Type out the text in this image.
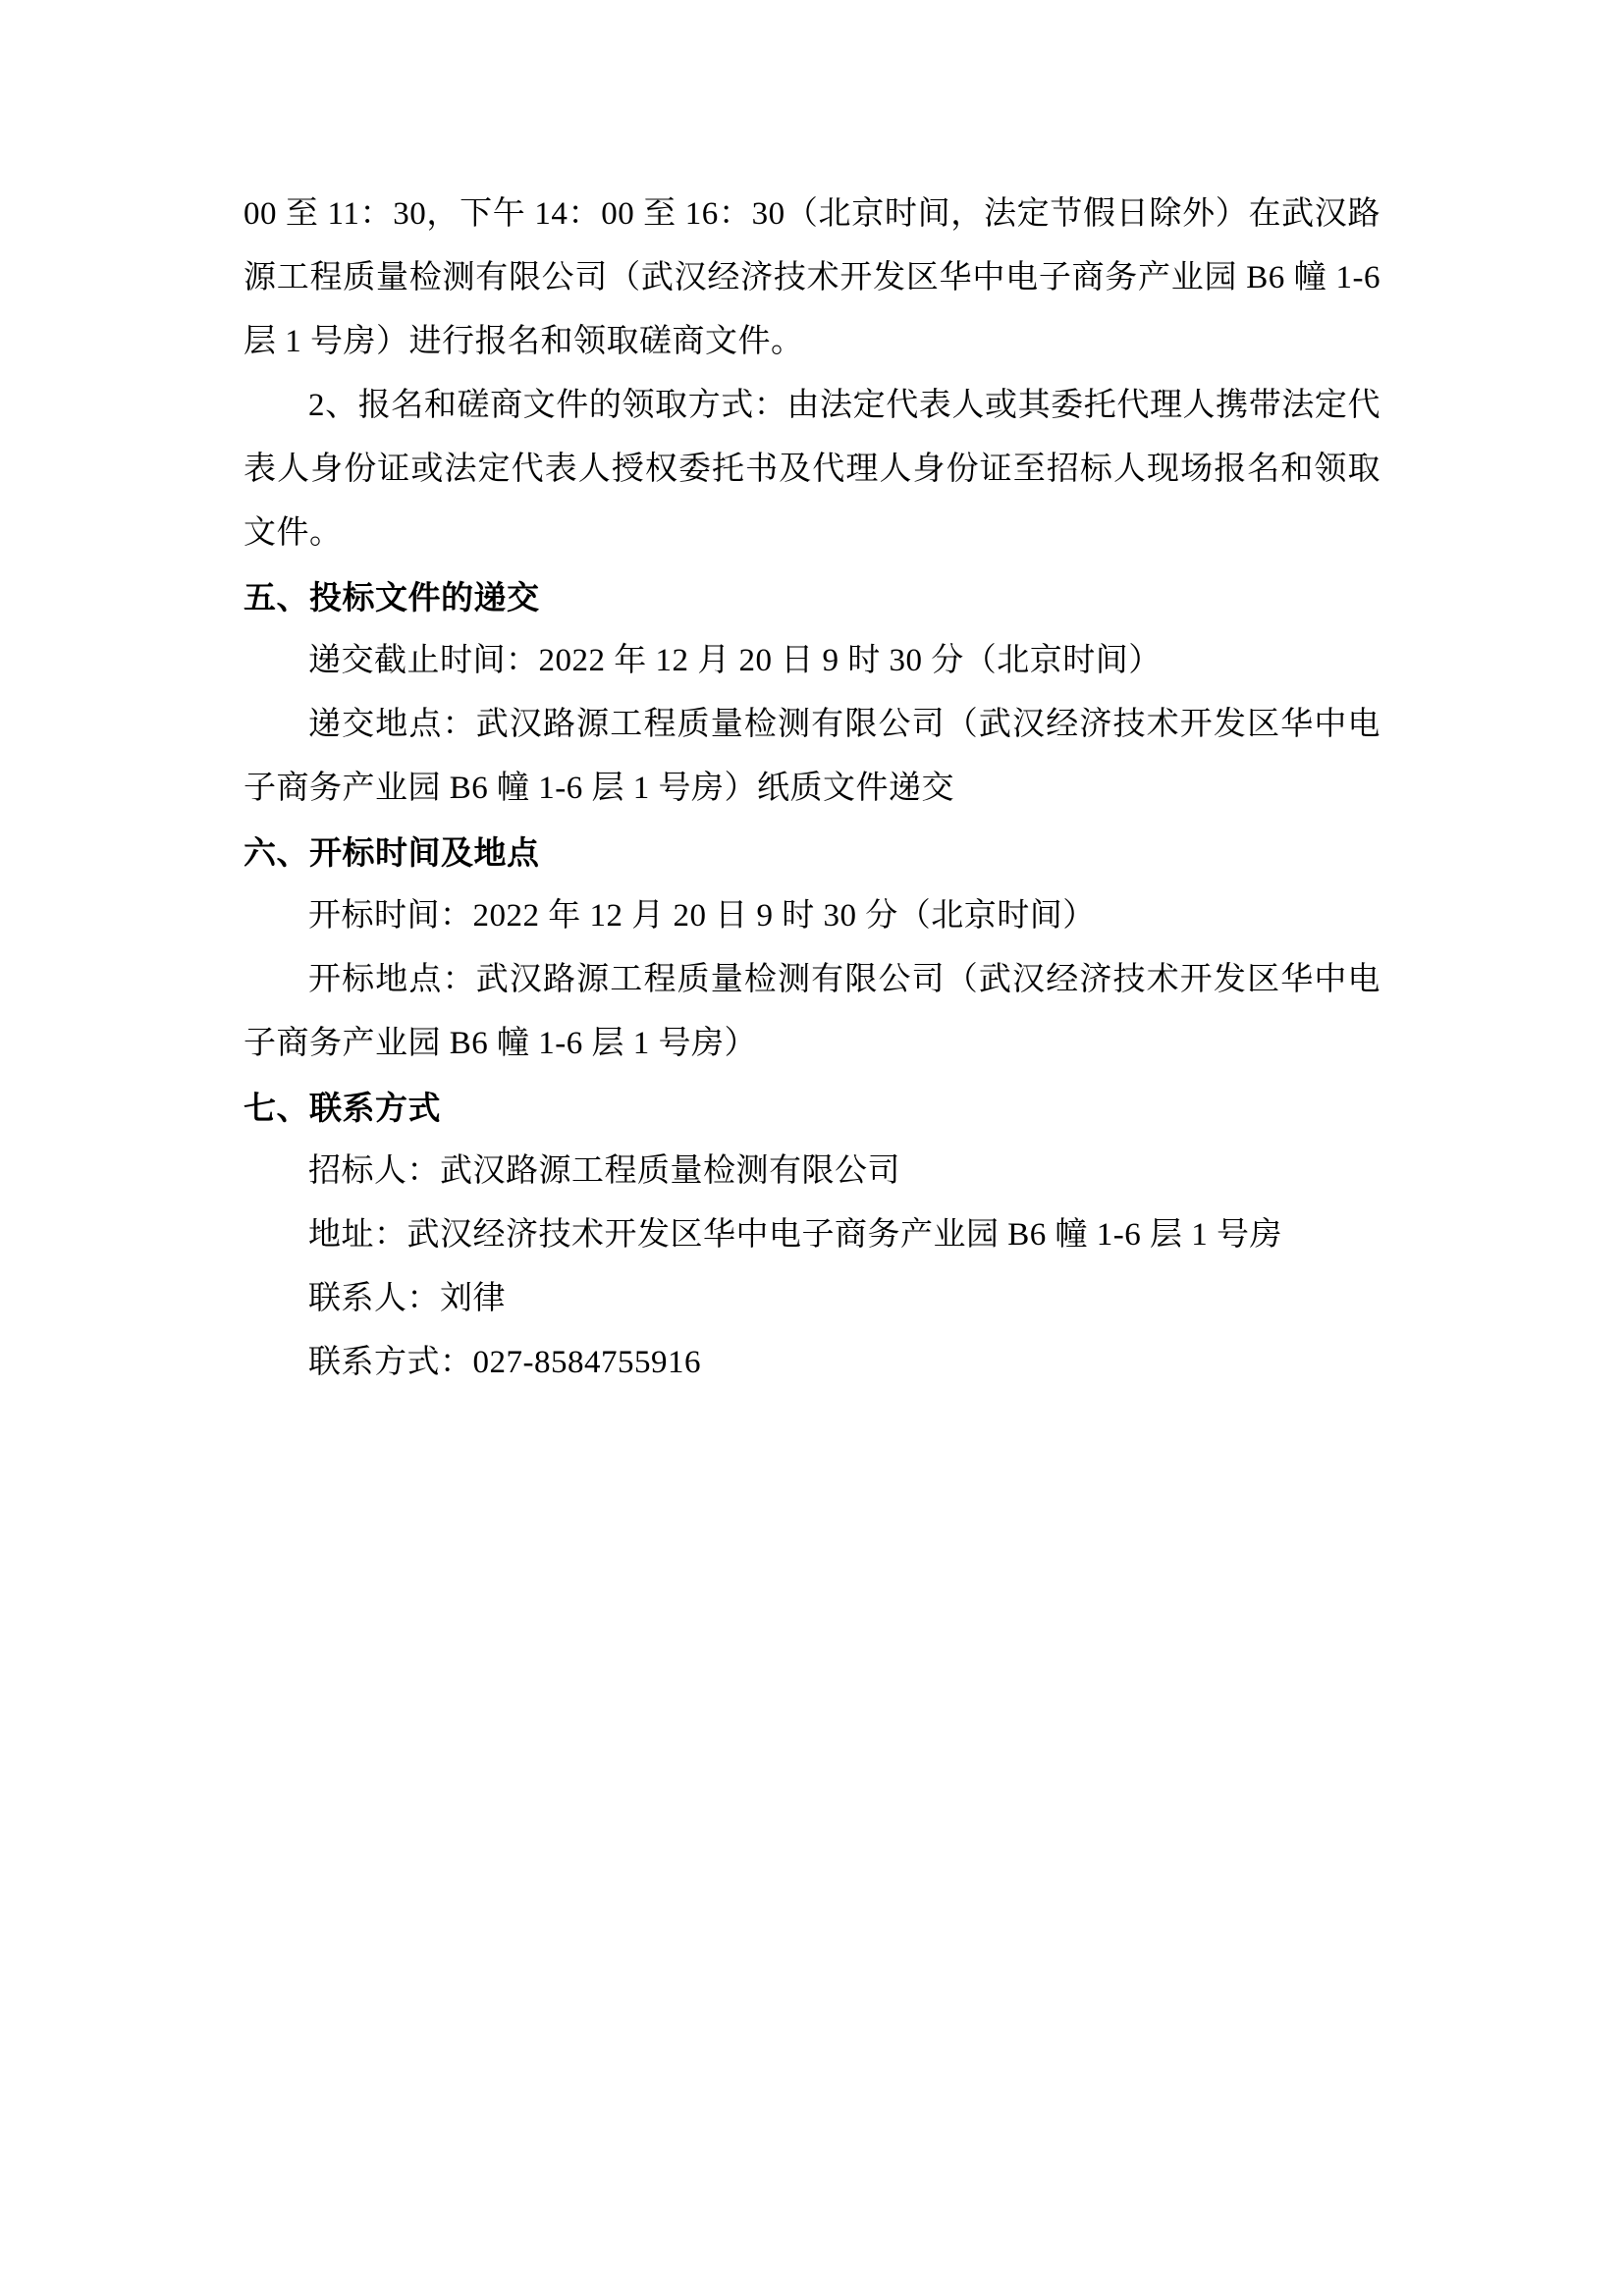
00 至 11：30，下午 14：00 至 16：30（北京时间，法定节假日除外）在武汉路源工程质量检测有限公司（武汉经济技术开发区华中电子商务产业园 B6 幢 1-6 层 1 号房）进行报名和领取磋商文件。

2、报名和磋商文件的领取方式：由法定代表人或其委托代理人携带法定代表人身份证或法定代表人授权委托书及代理人身份证至招标人现场报名和领取文件。

五、投标文件的递交

递交截止时间：2022 年 12 月 20 日 9 时 30 分（北京时间）

递交地点：武汉路源工程质量检测有限公司（武汉经济技术开发区华中电子商务产业园 B6 幢 1-6 层 1 号房）纸质文件递交

六、开标时间及地点

开标时间：2022 年 12 月 20 日 9 时 30 分（北京时间）

开标地点：武汉路源工程质量检测有限公司（武汉经济技术开发区华中电子商务产业园 B6 幢 1-6 层 1 号房）

七、联系方式

招标人：武汉路源工程质量检测有限公司

地址：武汉经济技术开发区华中电子商务产业园 B6 幢 1-6 层 1 号房

联系人：刘律

联系方式：027-8584755916
